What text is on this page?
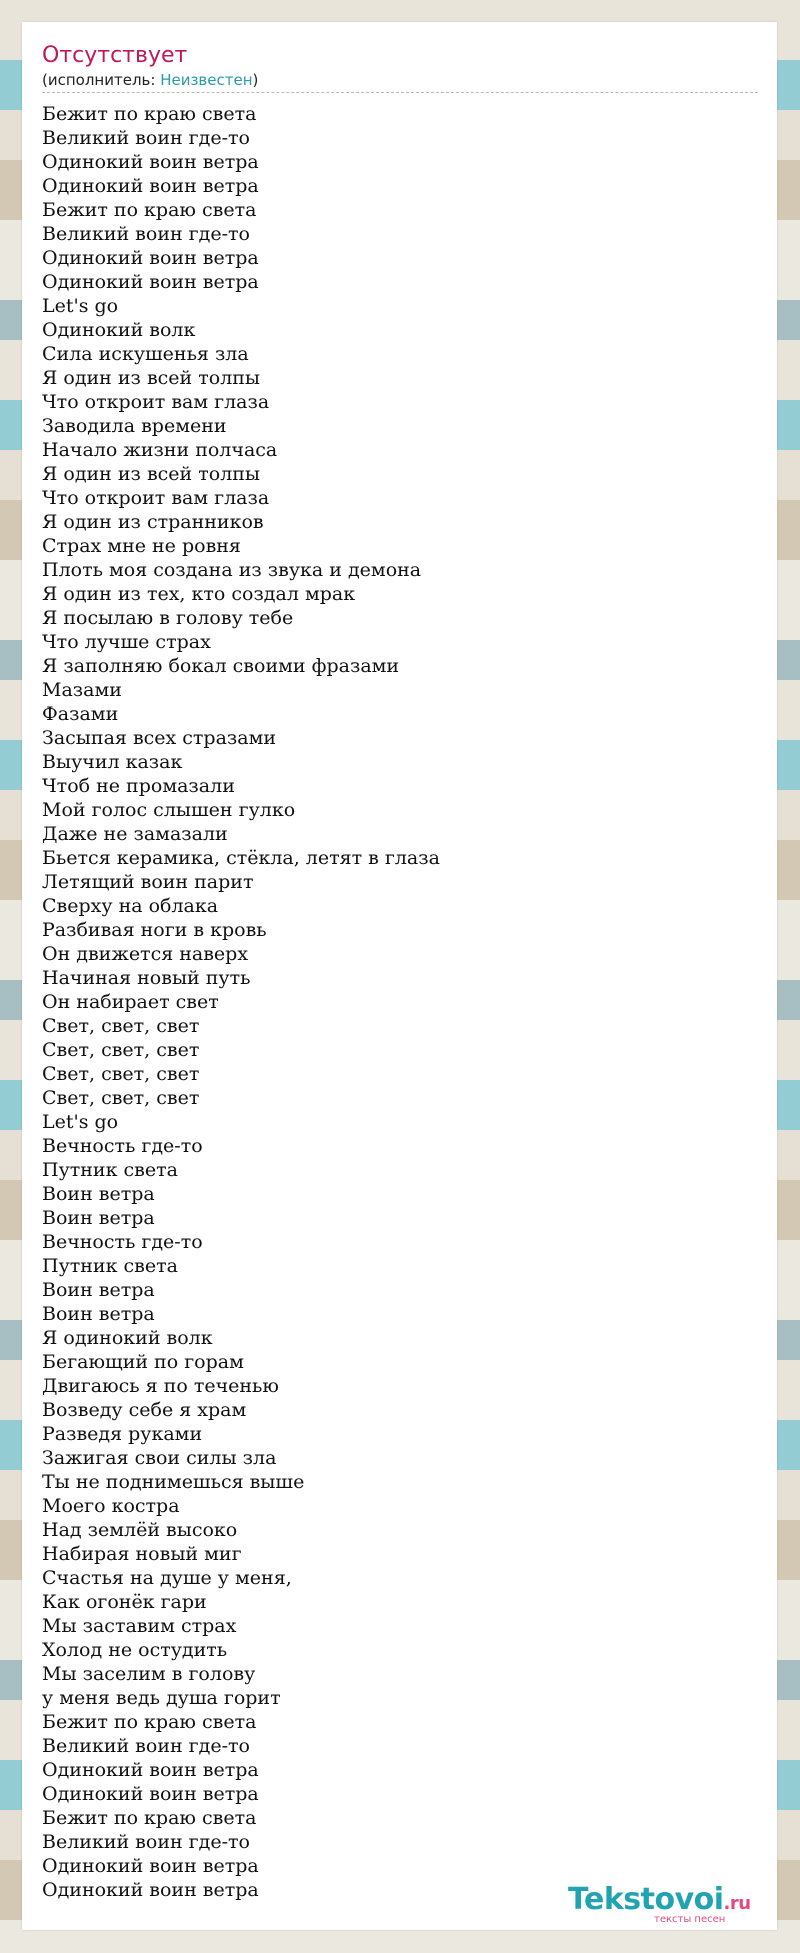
Отсутствует
(исполнитель: Неизвестен)
Бежит по краю света
Великий воин где-то
Одинокий воин ветра
Одинокий воин ветра
Бежит по краю света
Великий воин где-то
Одинокий воин ветра
Одинокий воин ветра
Let's go
Одинокий волк
Сила искушенья зла
Я один из всей толпы
Что откроит вам глаза
Заводила времени
Начало жизни полчаса
Я один из всей толпы
Что откроит вам глаза
Я один из странников
Страх мне не ровня
Плоть моя создана из звука и демона
Я один из тех, кто создал мрак
Я посылаю в голову тебе
Что лучше страх
Я заполняю бокал своими фразами
Мазами
Фазами
Засыпая всех стразами
Выучил казак
Чтоб не промазали
Мой голос слышен гулко
Даже не замазали
Бьется керамика, стёкла, летят в глаза
Летящий воин парит
Сверху на облака
Разбивая ноги в кровь
Он движется наверх
Начиная новый путь
Он набирает свет
Свет, свет, свет
Свет, свет, свет
Свет, свет, свет
Свет, свет, свет
Let's go
Вечность где-то
Путник света
Воин ветра
Воин ветра
Вечность где-то
Путник света
Воин ветра
Воин ветра
Я одинокий волк
Бегающий по горам
Двигаюсь я по теченью
Возведу себе я храм
Разведя руками
Зажигая свои силы зла
Ты не поднимешься выше
Моего костра
Над землёй высоко
Набирая новый миг
Счастья на душе у меня,
Как огонёк гари
Мы заставим страх
Холод не остудить
Мы заселим в голову
у меня ведь душа горит
Бежит по краю света
Великий воин где-то
Одинокий воин ветра
Одинокий воин ветра
Бежит по краю света
Великий воин где-то
Одинокий воин ветра
Одинокий воин ветра	Tekstovoi.ru
тексты песен
